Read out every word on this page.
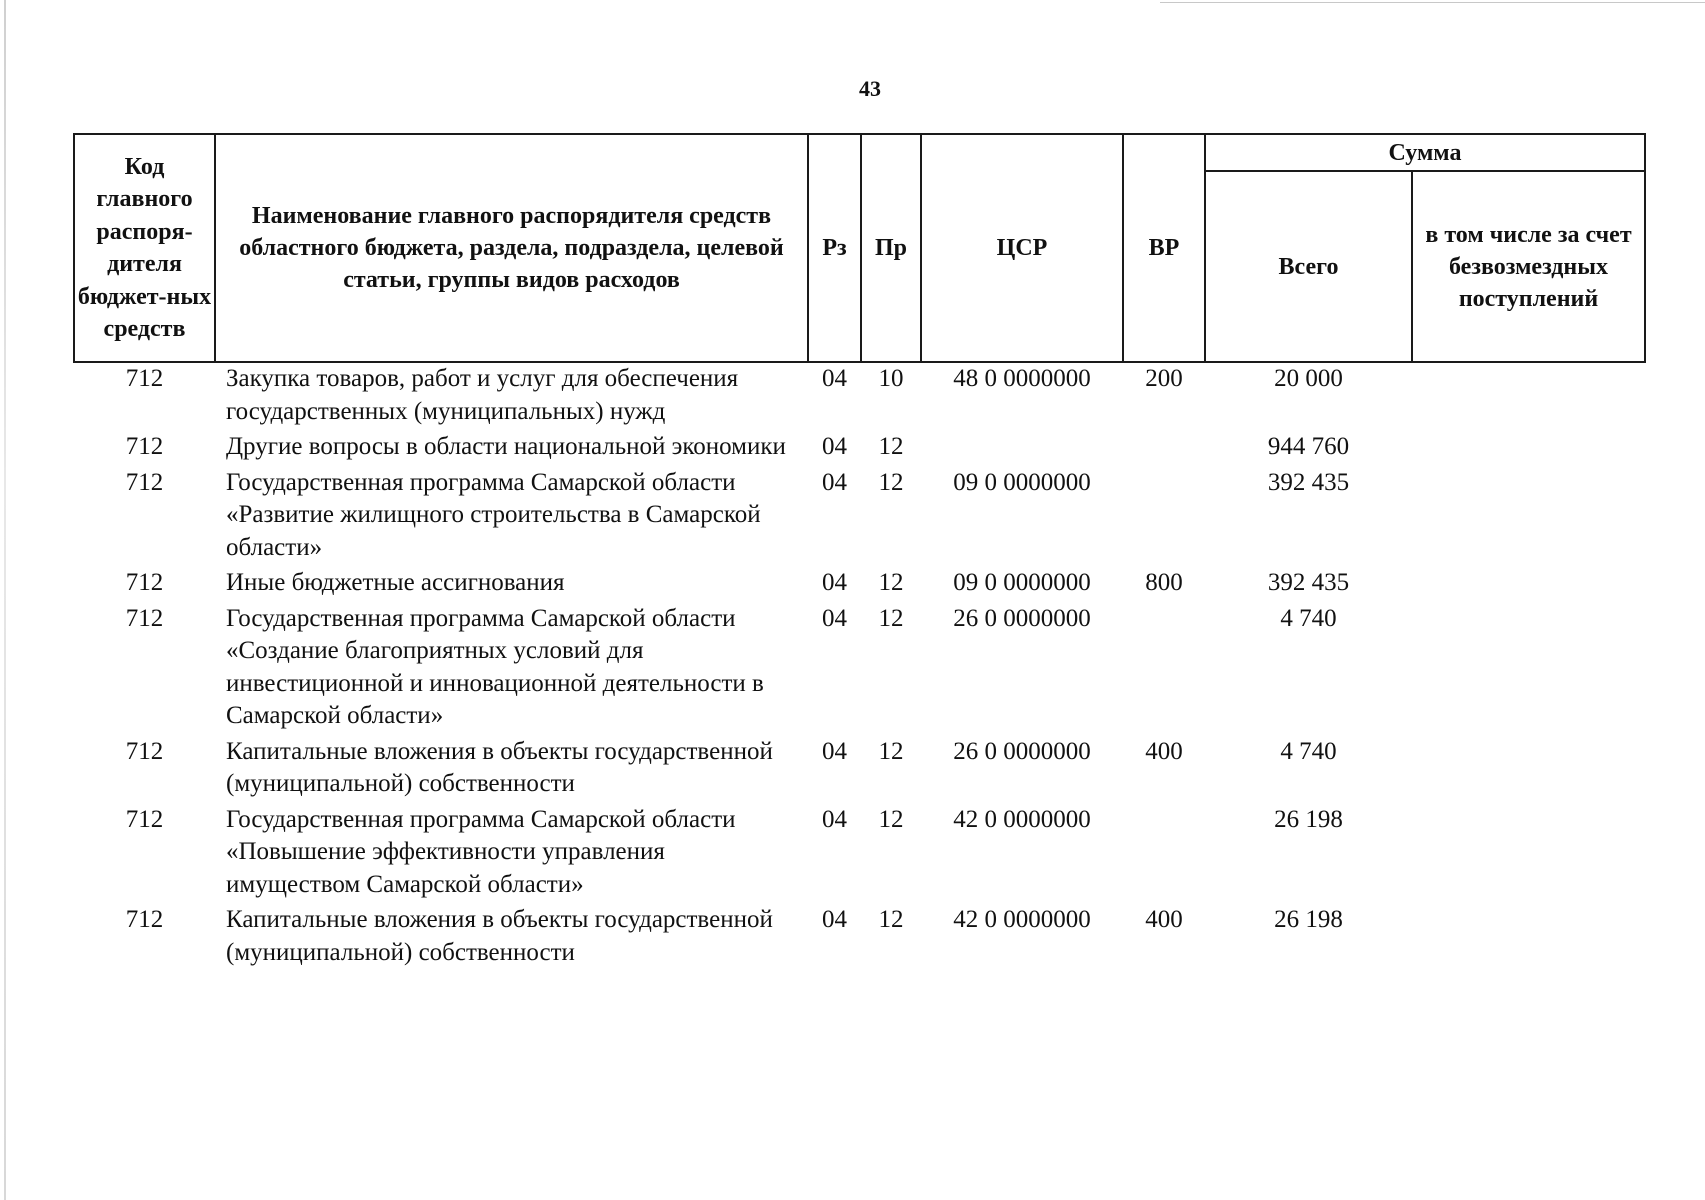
43
Код главного распоря-дителя бюджет-ных средств	Наименование главного распорядителя средств областного бюджета, раздела, подраздела, целевой статьи, группы видов расходов	Рз	Пр	ЦСР	ВР	Сумма	
						Всего	в том числе за счет безвозмездных поступлений
712	Закупка товаров, работ и услуг для обеспечения государственных (муниципальных) нужд	04	10	48 0 0000000	200	20 000	
712	Другие вопросы в области национальной экономики	04	12			944 760	
712	Государственная программа Самарской области «Развитие жилищного строительства в Самарской области»	04	12	09 0 0000000		392 435	
712	Иные бюджетные ассигнования	04	12	09 0 0000000	800	392 435	
712	Государственная программа Самарской области «Создание благоприятных условий для инвестиционной и инновационной деятельности в Самарской области»	04	12	26 0 0000000		4 740	
712	Капитальные вложения в объекты государственной (муниципальной) собственности	04	12	26 0 0000000	400	4 740	
712	Государственная программа Самарской области «Повышение эффективности управления имуществом Самарской области»	04	12	42 0 0000000		26 198	
712	Капитальные вложения в объекты государственной (муниципальной) собственности	04	12	42 0 0000000	400	26 198	
